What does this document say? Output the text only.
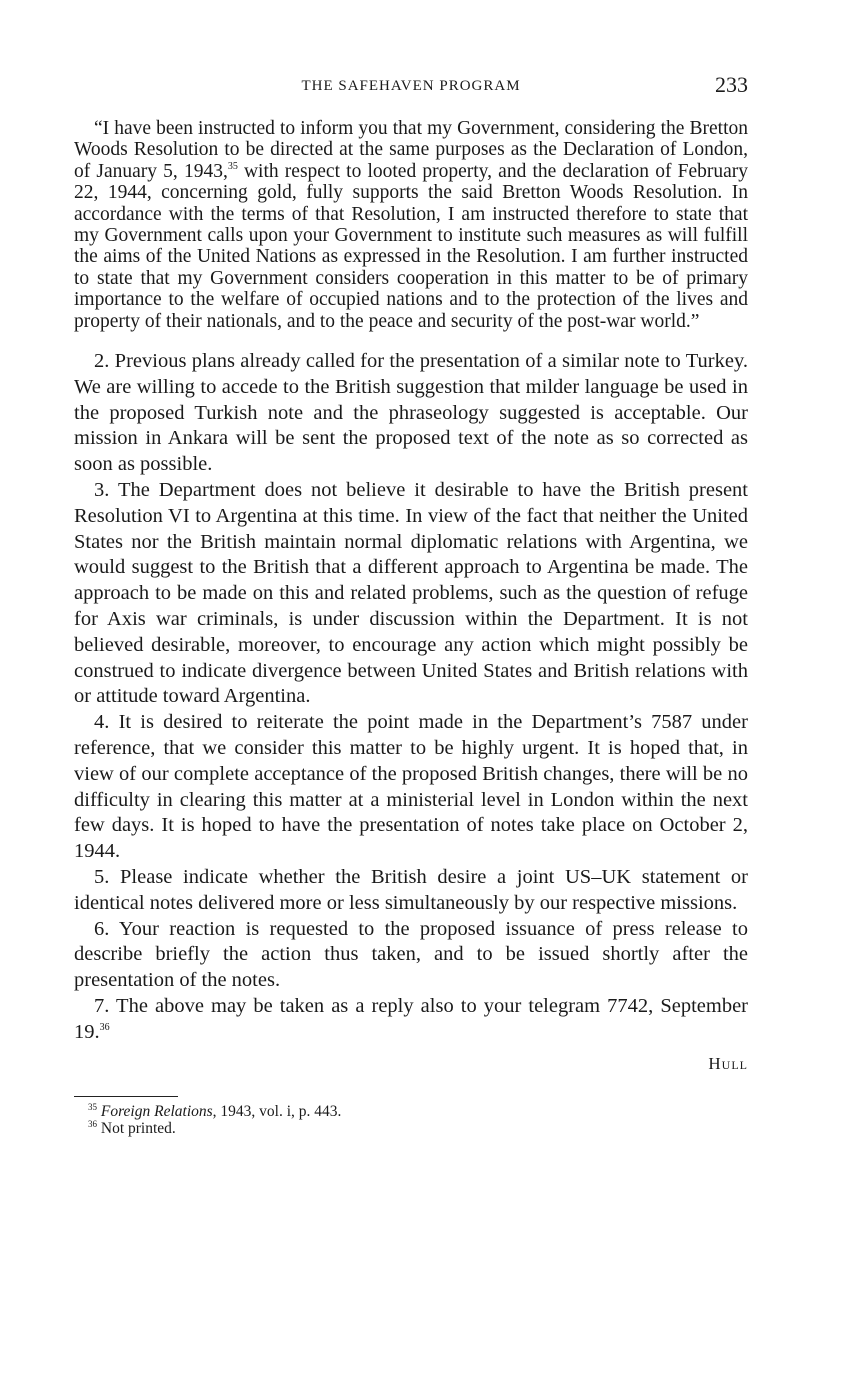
THE SAFEHAVEN PROGRAM	233

“I have been instructed to inform you that my Government, considering the Bretton Woods Resolution to be directed at the same purposes as the Declaration of London, of January 5, 1943,35 with respect to looted property, and the declaration of February 22, 1944, concerning gold, fully supports the said Bretton Woods Resolution. In accordance with the terms of that Resolution, I am instructed therefore to state that my Government calls upon your Government to institute such measures as will fulfill the aims of the United Nations as expressed in the Resolution. I am further instructed to state that my Government considers cooperation in this matter to be of primary importance to the welfare of occupied nations and to the protection of the lives and property of their nationals, and to the peace and security of the post-war world.”

2. Previous plans already called for the presentation of a similar note to Turkey. We are willing to accede to the British suggestion that milder language be used in the proposed Turkish note and the phraseology suggested is acceptable. Our mission in Ankara will be sent the proposed text of the note as so corrected as soon as possible.

3. The Department does not believe it desirable to have the British present Resolution VI to Argentina at this time. In view of the fact that neither the United States nor the British maintain normal diplomatic relations with Argentina, we would suggest to the British that a different approach to Argentina be made. The approach to be made on this and related problems, such as the question of refuge for Axis war criminals, is under discussion within the Department. It is not believed desirable, moreover, to encourage any action which might possibly be construed to indicate divergence between United States and British relations with or attitude toward Argentina.

4. It is desired to reiterate the point made in the Department’s 7587 under reference, that we consider this matter to be highly urgent. It is hoped that, in view of our complete acceptance of the proposed British changes, there will be no difficulty in clearing this matter at a ministerial level in London within the next few days. It is hoped to have the presentation of notes take place on October 2, 1944.

5. Please indicate whether the British desire a joint US–UK statement or identical notes delivered more or less simultaneously by our respective missions.

6. Your reaction is requested to the proposed issuance of press release to describe briefly the action thus taken, and to be issued shortly after the presentation of the notes.

7. The above may be taken as a reply also to your telegram 7742, September 19.36

Hull
$^{35}$ Foreign Relations, 1943, vol. i, p. 443.
$^{36}$ Not printed.
